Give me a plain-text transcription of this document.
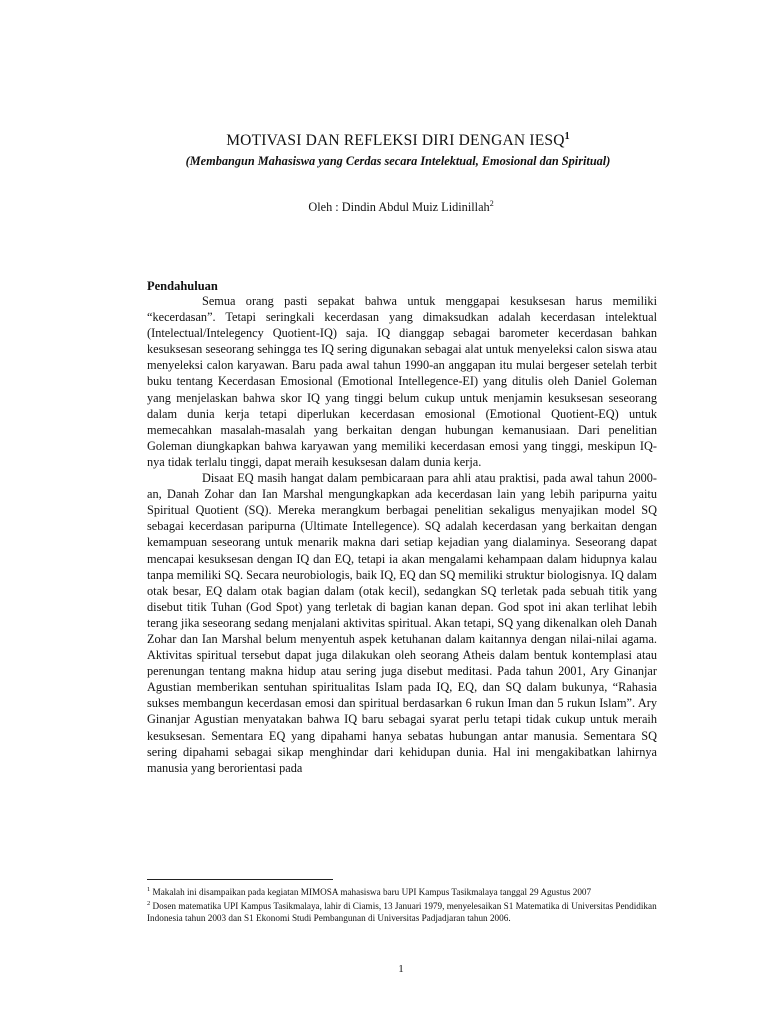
MOTIVASI DAN REFLEKSI DIRI DENGAN IESQ$^1$
(Membangun Mahasiswa yang Cerdas secara Intelektual, Emosional dan Spiritual)
Oleh : Dindin Abdul Muiz Lidinillah$^2$
Pendahuluan

Semua orang pasti sepakat bahwa untuk menggapai kesuksesan harus memiliki “kecerdasan”. Tetapi seringkali kecerdasan yang dimaksudkan adalah kecerdasan intelektual (Intelectual/Intelegency Quotient-IQ) saja. IQ dianggap sebagai barometer kecerdasan bahkan kesuksesan seseorang sehingga tes IQ sering digunakan sebagai alat untuk menyeleksi calon siswa atau menyeleksi calon karyawan. Baru pada awal tahun 1990-an anggapan itu mulai bergeser setelah terbit buku tentang Kecerdasan Emosional (Emotional Intellegence-EI) yang ditulis oleh Daniel Goleman yang menjelaskan bahwa skor IQ yang tinggi belum cukup untuk menjamin kesuksesan seseorang dalam dunia kerja tetapi diperlukan kecerdasan emosional (Emotional Quotient-EQ) untuk memecahkan masalah-masalah yang berkaitan dengan hubungan kemanusiaan. Dari penelitian Goleman diungkapkan bahwa karyawan yang memiliki kecerdasan emosi yang tinggi, meskipun IQ-nya tidak terlalu tinggi, dapat meraih kesuksesan dalam dunia kerja.

Disaat EQ masih hangat dalam pembicaraan para ahli atau praktisi, pada awal tahun 2000-an, Danah Zohar dan Ian Marshal mengungkapkan ada kecerdasan lain yang lebih paripurna yaitu Spiritual Quotient (SQ). Mereka merangkum berbagai penelitian sekaligus menyajikan model SQ sebagai kecerdasan paripurna (Ultimate Intellegence). SQ adalah kecerdasan yang berkaitan dengan kemampuan seseorang untuk menarik makna dari setiap kejadian yang dialaminya. Seseorang dapat mencapai kesuksesan dengan IQ dan EQ, tetapi ia akan mengalami kehampaan dalam hidupnya kalau tanpa memiliki SQ. Secara neurobiologis, baik IQ, EQ dan SQ memiliki struktur biologisnya. IQ dalam otak besar, EQ dalam otak bagian dalam (otak kecil), sedangkan SQ terletak pada sebuah titik yang disebut titik Tuhan (God Spot) yang terletak di bagian kanan depan. God spot ini akan terlihat lebih terang jika seseorang sedang menjalani aktivitas spiritual. Akan tetapi, SQ yang dikenalkan oleh Danah Zohar dan Ian Marshal belum menyentuh aspek ketuhanan dalam kaitannya dengan nilai-nilai agama. Aktivitas spiritual tersebut dapat juga dilakukan oleh seorang Atheis dalam bentuk kontemplasi atau perenungan tentang makna hidup atau sering juga disebut meditasi. Pada tahun 2001, Ary Ginanjar Agustian memberikan sentuhan spiritualitas Islam pada IQ, EQ, dan SQ dalam bukunya, “Rahasia sukses membangun kecerdasan emosi dan spiritual berdasarkan 6 rukun Iman dan 5 rukun Islam”. Ary Ginanjar Agustian menyatakan bahwa IQ baru sebagai syarat perlu tetapi tidak cukup untuk meraih kesuksesan. Sementara EQ yang dipahami hanya sebatas hubungan antar manusia. Sementara SQ sering dipahami sebagai sikap menghindar dari kehidupan dunia. Hal ini mengakibatkan lahirnya manusia yang berorientasi pada

$^1$ Makalah ini disampaikan pada kegiatan MIMOSA mahasiswa baru UPI Kampus Tasikmalaya tanggal 29 Agustus 2007
$^2$ Dosen matematika UPI Kampus Tasikmalaya, lahir di Ciamis, 13 Januari 1979, menyelesaikan S1 Matematika di Universitas Pendidikan Indonesia tahun 2003 dan S1 Ekonomi Studi Pembangunan di Universitas Padjadjaran tahun 2006.
1
